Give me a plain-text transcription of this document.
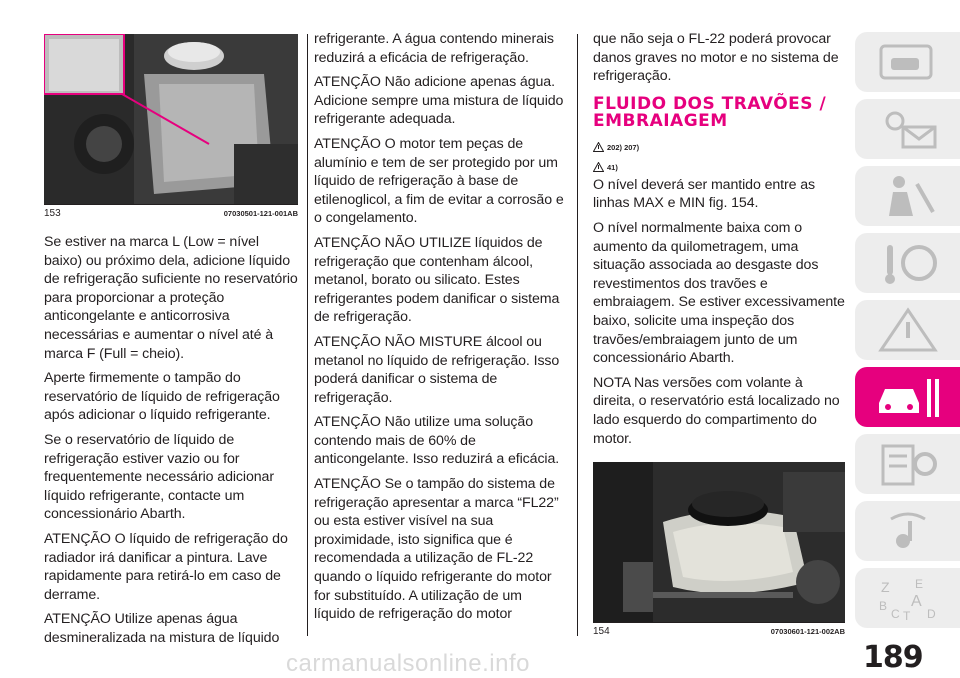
153	07030501-121-001AB

Se estiver na marca L (Low = nível baixo) ou próximo dela, adicione líquido de refrigeração suficiente no reservatório para proporcionar a proteção anticongelante e anticorrosiva necessárias e aumentar o nível até à marca F (Full = cheio).

Aperte firmemente o tampão do reservatório de líquido de refrigeração após adicionar o líquido refrigerante.

Se o reservatório de líquido de refrigeração estiver vazio ou for frequentemente necessário adicionar líquido refrigerante, contacte um concessionário Abarth.

ATENÇÃO O líquido de refrigeração do radiador irá danificar a pintura. Lave rapidamente para retirá-lo em caso de derrame.

ATENÇÃO Utilize apenas água desmineralizada na mistura de líquido

refrigerante. A água contendo minerais reduzirá a eficácia de refrigeração.

ATENÇÃO Não adicione apenas água. Adicione sempre uma mistura de líquido refrigerante adequada.

ATENÇÃO O motor tem peças de alumínio e tem de ser protegido por um líquido de refrigeração à base de etilenoglicol, a fim de evitar a corrosão e o congelamento.

ATENÇÃO NÃO UTILIZE líquidos de refrigeração que contenham álcool, metanol, borato ou silicato. Estes refrigerantes podem danificar o sistema de refrigeração.

ATENÇÃO NÃO MISTURE álcool ou metanol no líquido de refrigeração. Isso poderá danificar o sistema de refrigeração.

ATENÇÃO Não utilize uma solução contendo mais de 60% de anticongelante. Isso reduzirá a eficácia.

ATENÇÃO Se o tampão do sistema de refrigeração apresentar a marca “FL22” ou esta estiver visível na sua proximidade, isto significa que é recomendada a utilização de FL-22 quando o líquido refrigerante do motor for substituído. A utilização de um líquido de refrigeração do motor

que não seja o FL-22 poderá provocar danos graves no motor e no sistema de refrigeração.

FLUIDO DOS TRAVÕES /
EMBRAIAGEM
202) 207)
41)

O nível deverá ser mantido entre as linhas MAX e MIN fig. 154.

O nível normalmente baixa com o aumento da quilometragem, uma situação associada ao desgaste dos revestimentos dos travões e embraiagem. Se estiver excessivamente baixo, solicite uma inspeção dos travões/embraiagem junto de um concessionário Abarth.

NOTA Nas versões com volante à direita, o reservatório está localizado no lado esquerdo do compartimento do motor.

154	07030601-121-002AB
Z E
A
B
C T D
189
carmanualsonline.info
